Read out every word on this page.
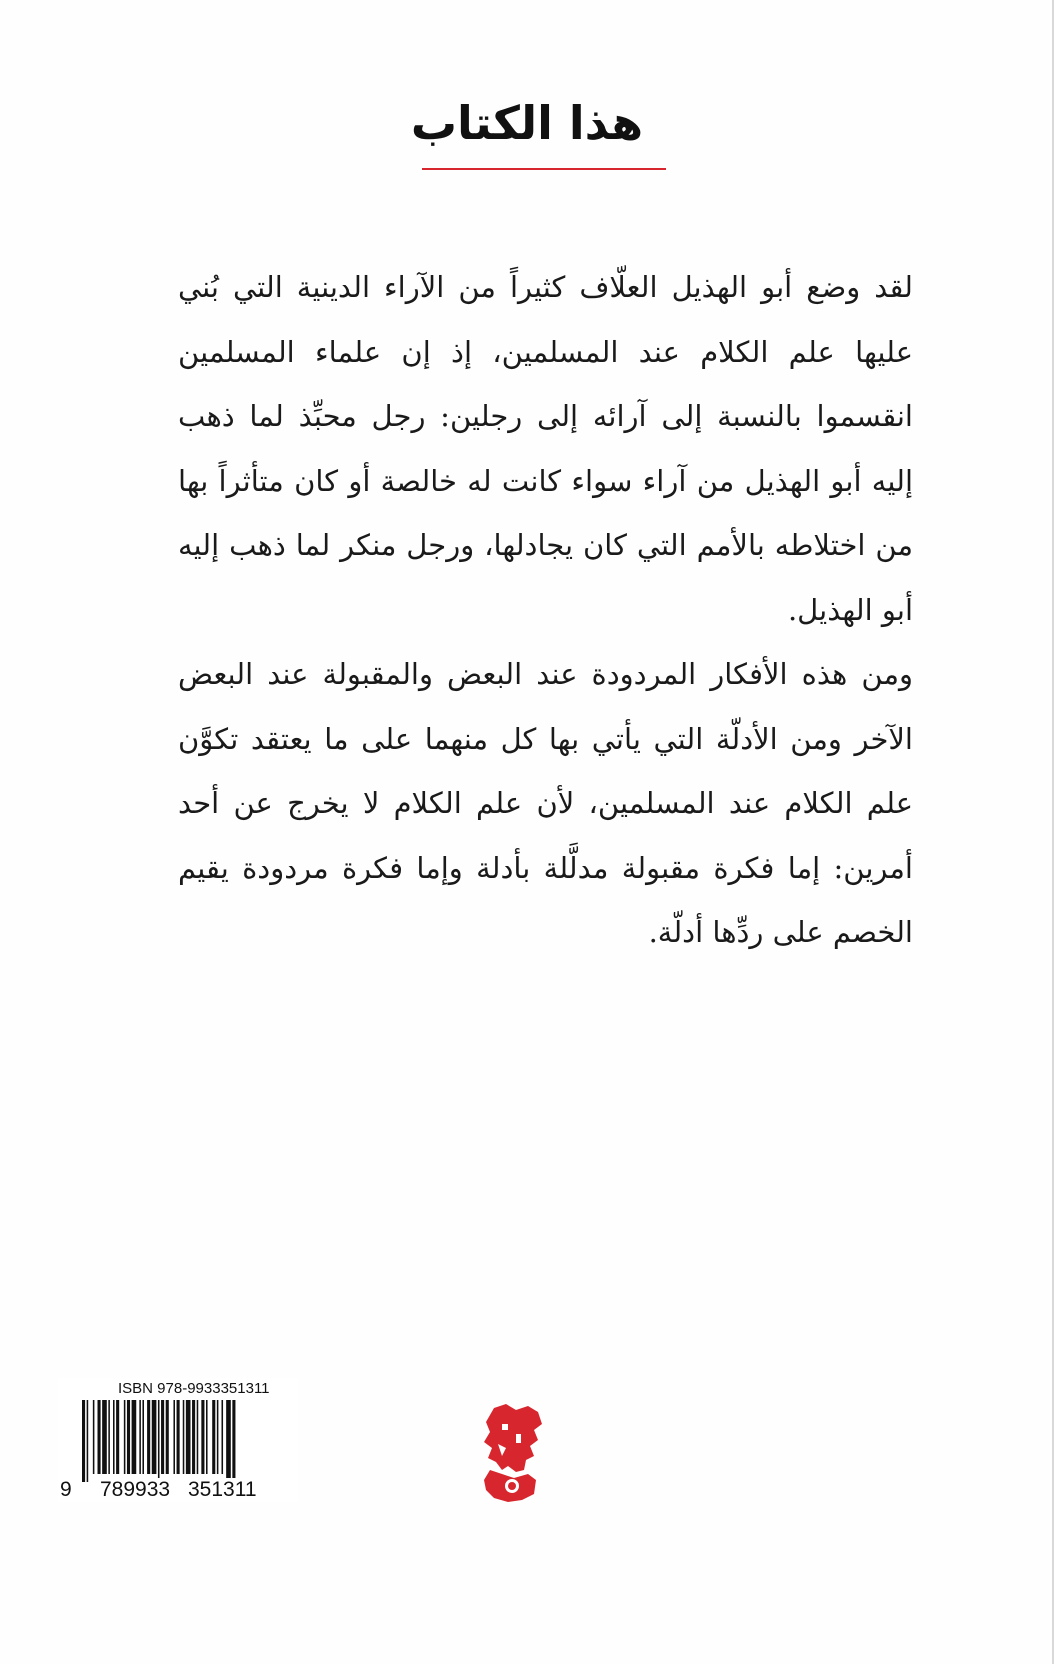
هذا الكتاب

لقد وضع أبو الهذيل العلّاف كثيراً من الآراء الدينية التي بُني عليها علم الكلام عند المسلمين، إذ إن علماء المسلمين انقسموا بالنسبة إلى آرائه إلى رجلين: رجل محبِّذ لما ذهب إليه أبو الهذيل من آراء سواء كانت له خالصة أو كان متأثراً بها من اختلاطه بالأمم التي كان يجادلها، ورجل منكر لما ذهب إليه أبو الهذيل.

ومن هذه الأفكار المردودة عند البعض والمقبولة عند البعض الآخر ومن الأدلّة التي يأتي بها كل منهما على ما يعتقد تكوَّن علم الكلام عند المسلمين، لأن علم الكلام لا يخرج عن أحد أمرين: إما فكرة مقبولة مدلَّلة بأدلة وإما فكرة مردودة يقيم الخصم على ردِّها أدلّة.

ISBN 978-9933351311
9 789933 351311
